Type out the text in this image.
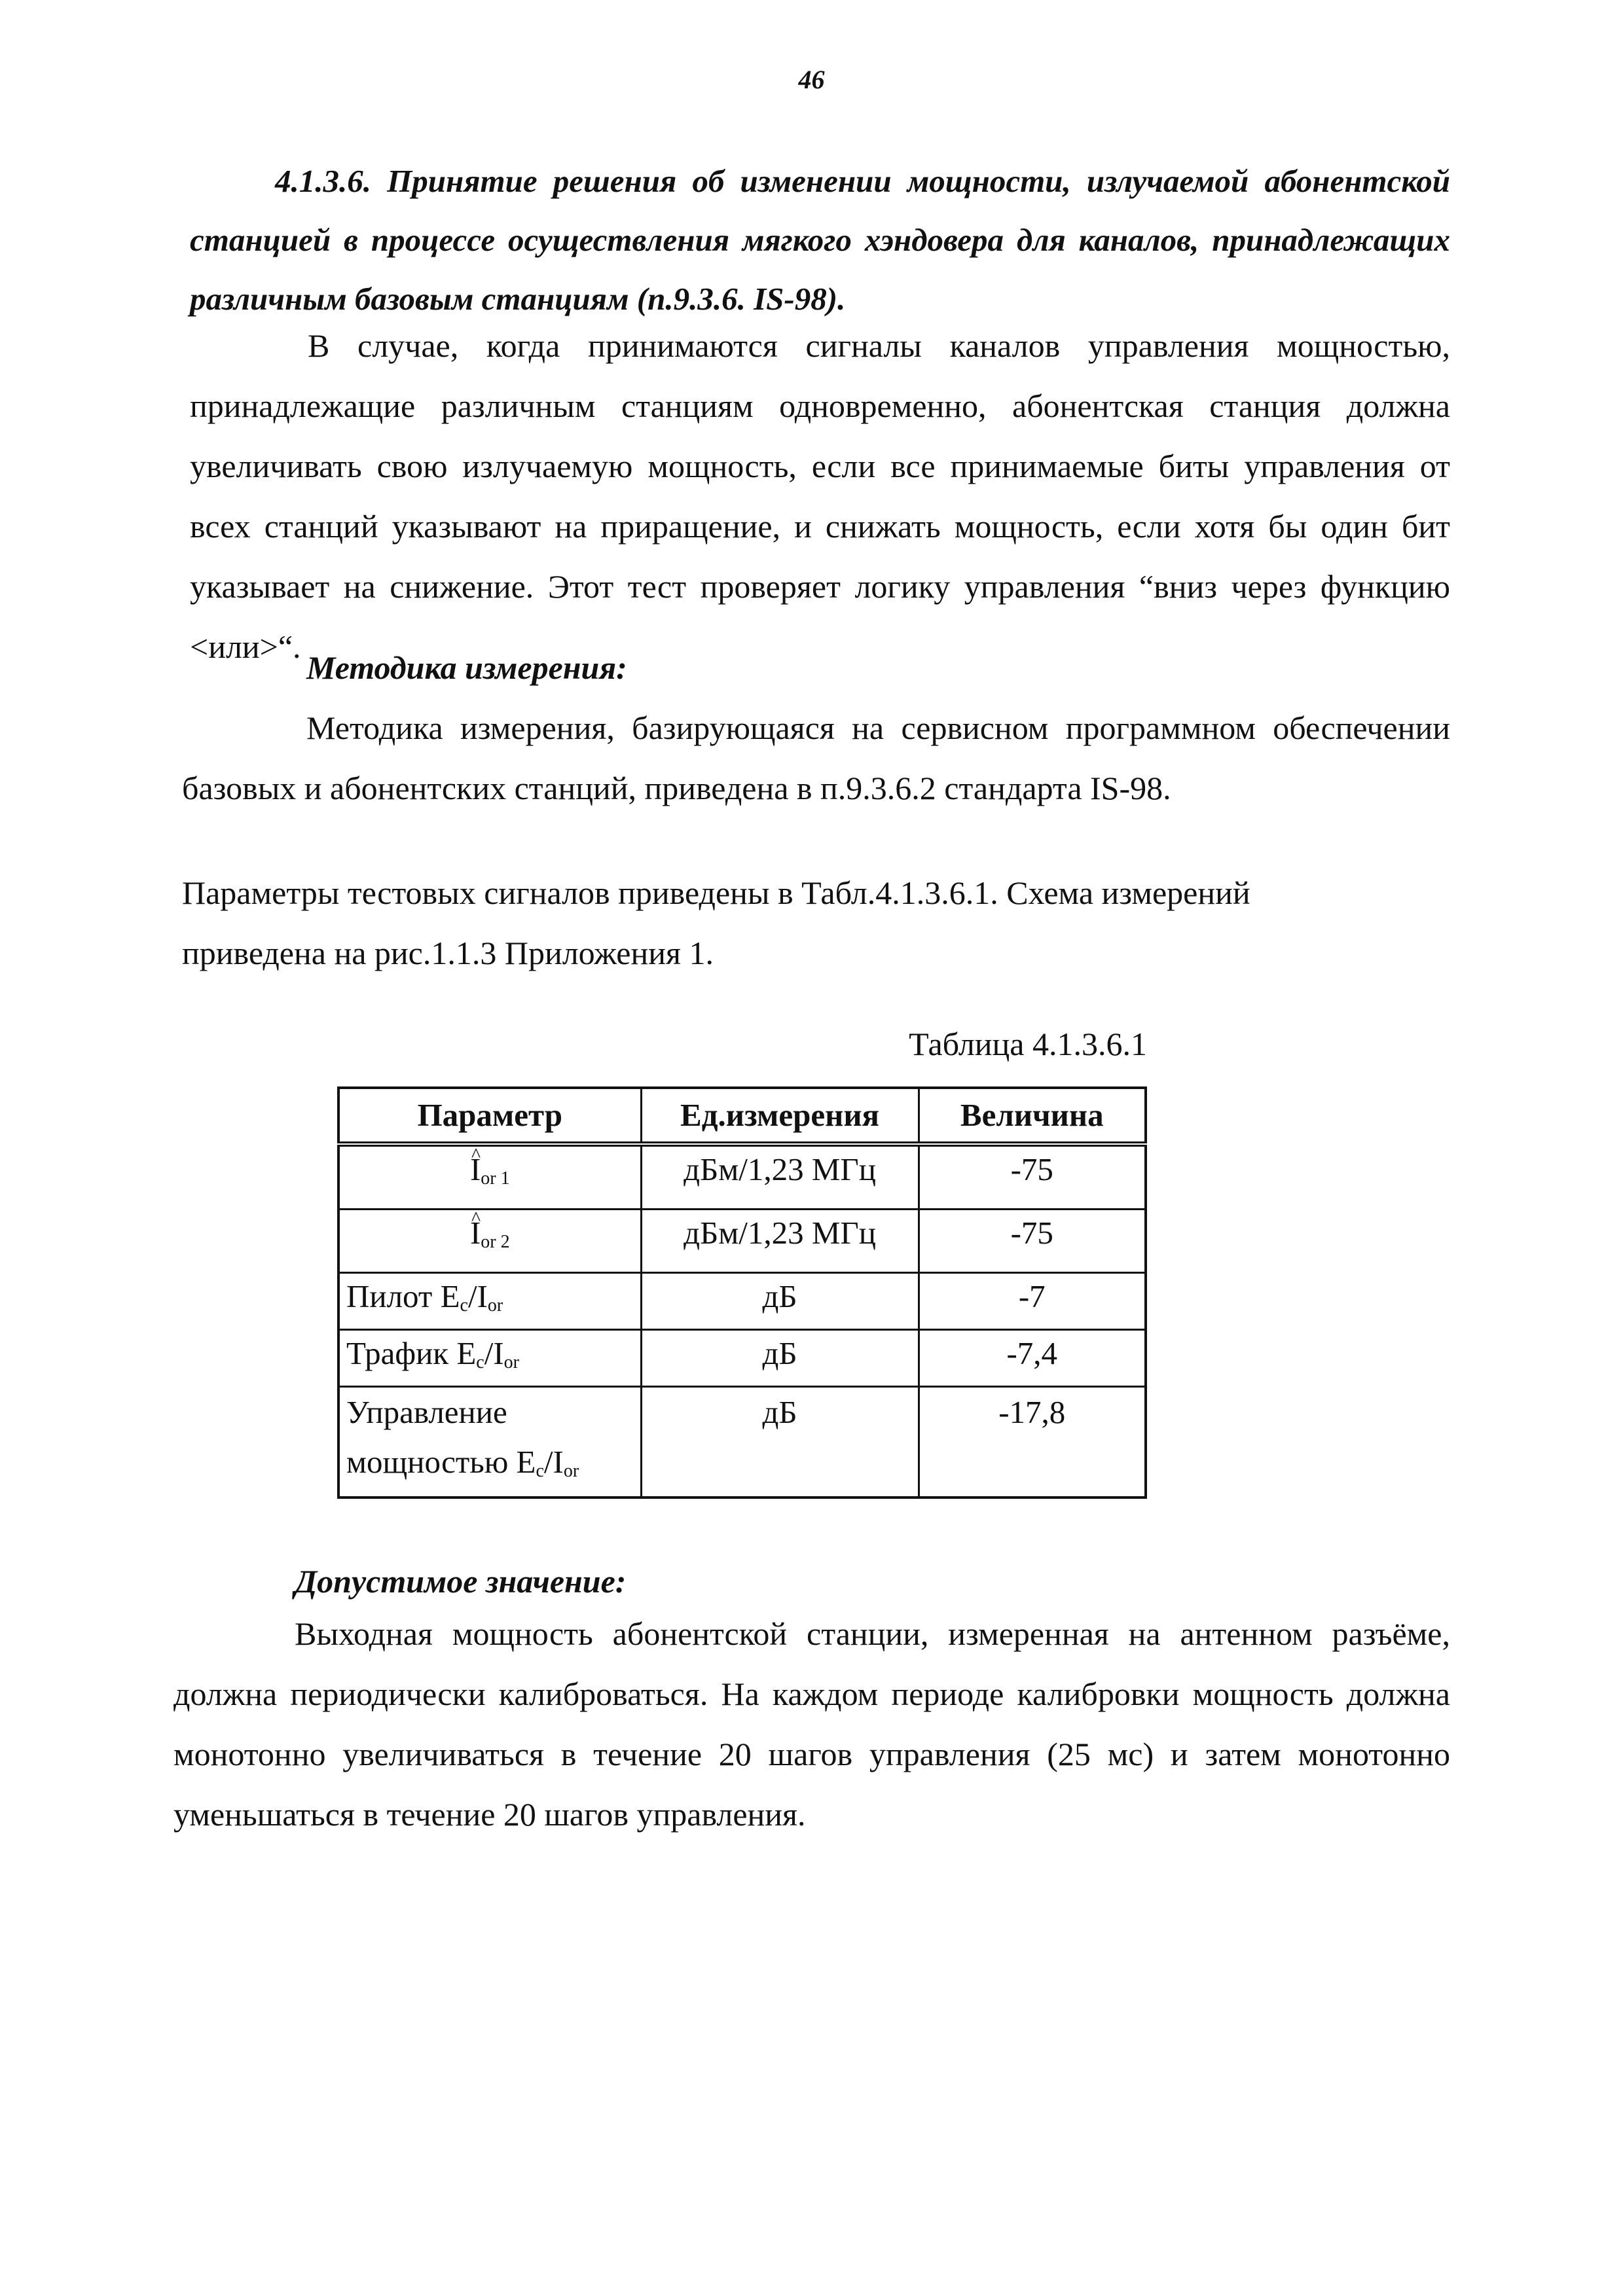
46

4.1.3.6. Принятие решения об изменении мощности, излучаемой абонентской станцией в процессе осуществления мягкого хэндовера для каналов, принадлежащих различным базовым станциям (п.9.3.6. IS-98).

В случае, когда принимаются сигналы каналов управления мощностью, принадлежащие различным станциям одновременно, абонентская станция должна увеличивать свою излучаемую мощность, если все принимаемые биты управления от всех станций указывают на приращение, и снижать мощность, если хотя бы один бит указывает на снижение. Этот тест проверяет логику управления “вниз через функцию <или>“.

Методика измерения:

Методика измерения, базирующаяся на сервисном программном обеспечении базовых и абонентских станций, приведена в п.9.3.6.2 стандарта IS-98.

Параметры тестовых сигналов приведены в Табл.4.1.3.6.1. Схема измерений приведена на рис.1.1.3 Приложения 1.

Таблица 4.1.3.6.1
Параметр	Ед.измерения	Величина
^ $I_{or 1}$	дБм/1,23 МГц	-75
^ $I_{or 2}$	дБм/1,23 МГц	-75
Пилот $E_c/I_{or}$	дБ	-7
Трафик $E_c/I_{or}$	дБ	-7,4
Управление
мощностью $E_c/I_{or}$	дБ	-17,8

Допустимое значение:

Выходная мощность абонентской станции, измеренная на антенном разъёме, должна периодически калиброваться. На каждом периоде калибровки мощность должна монотонно увеличиваться в течение 20 шагов управления (25 мс) и затем монотонно уменьшаться в течение 20 шагов управления.
